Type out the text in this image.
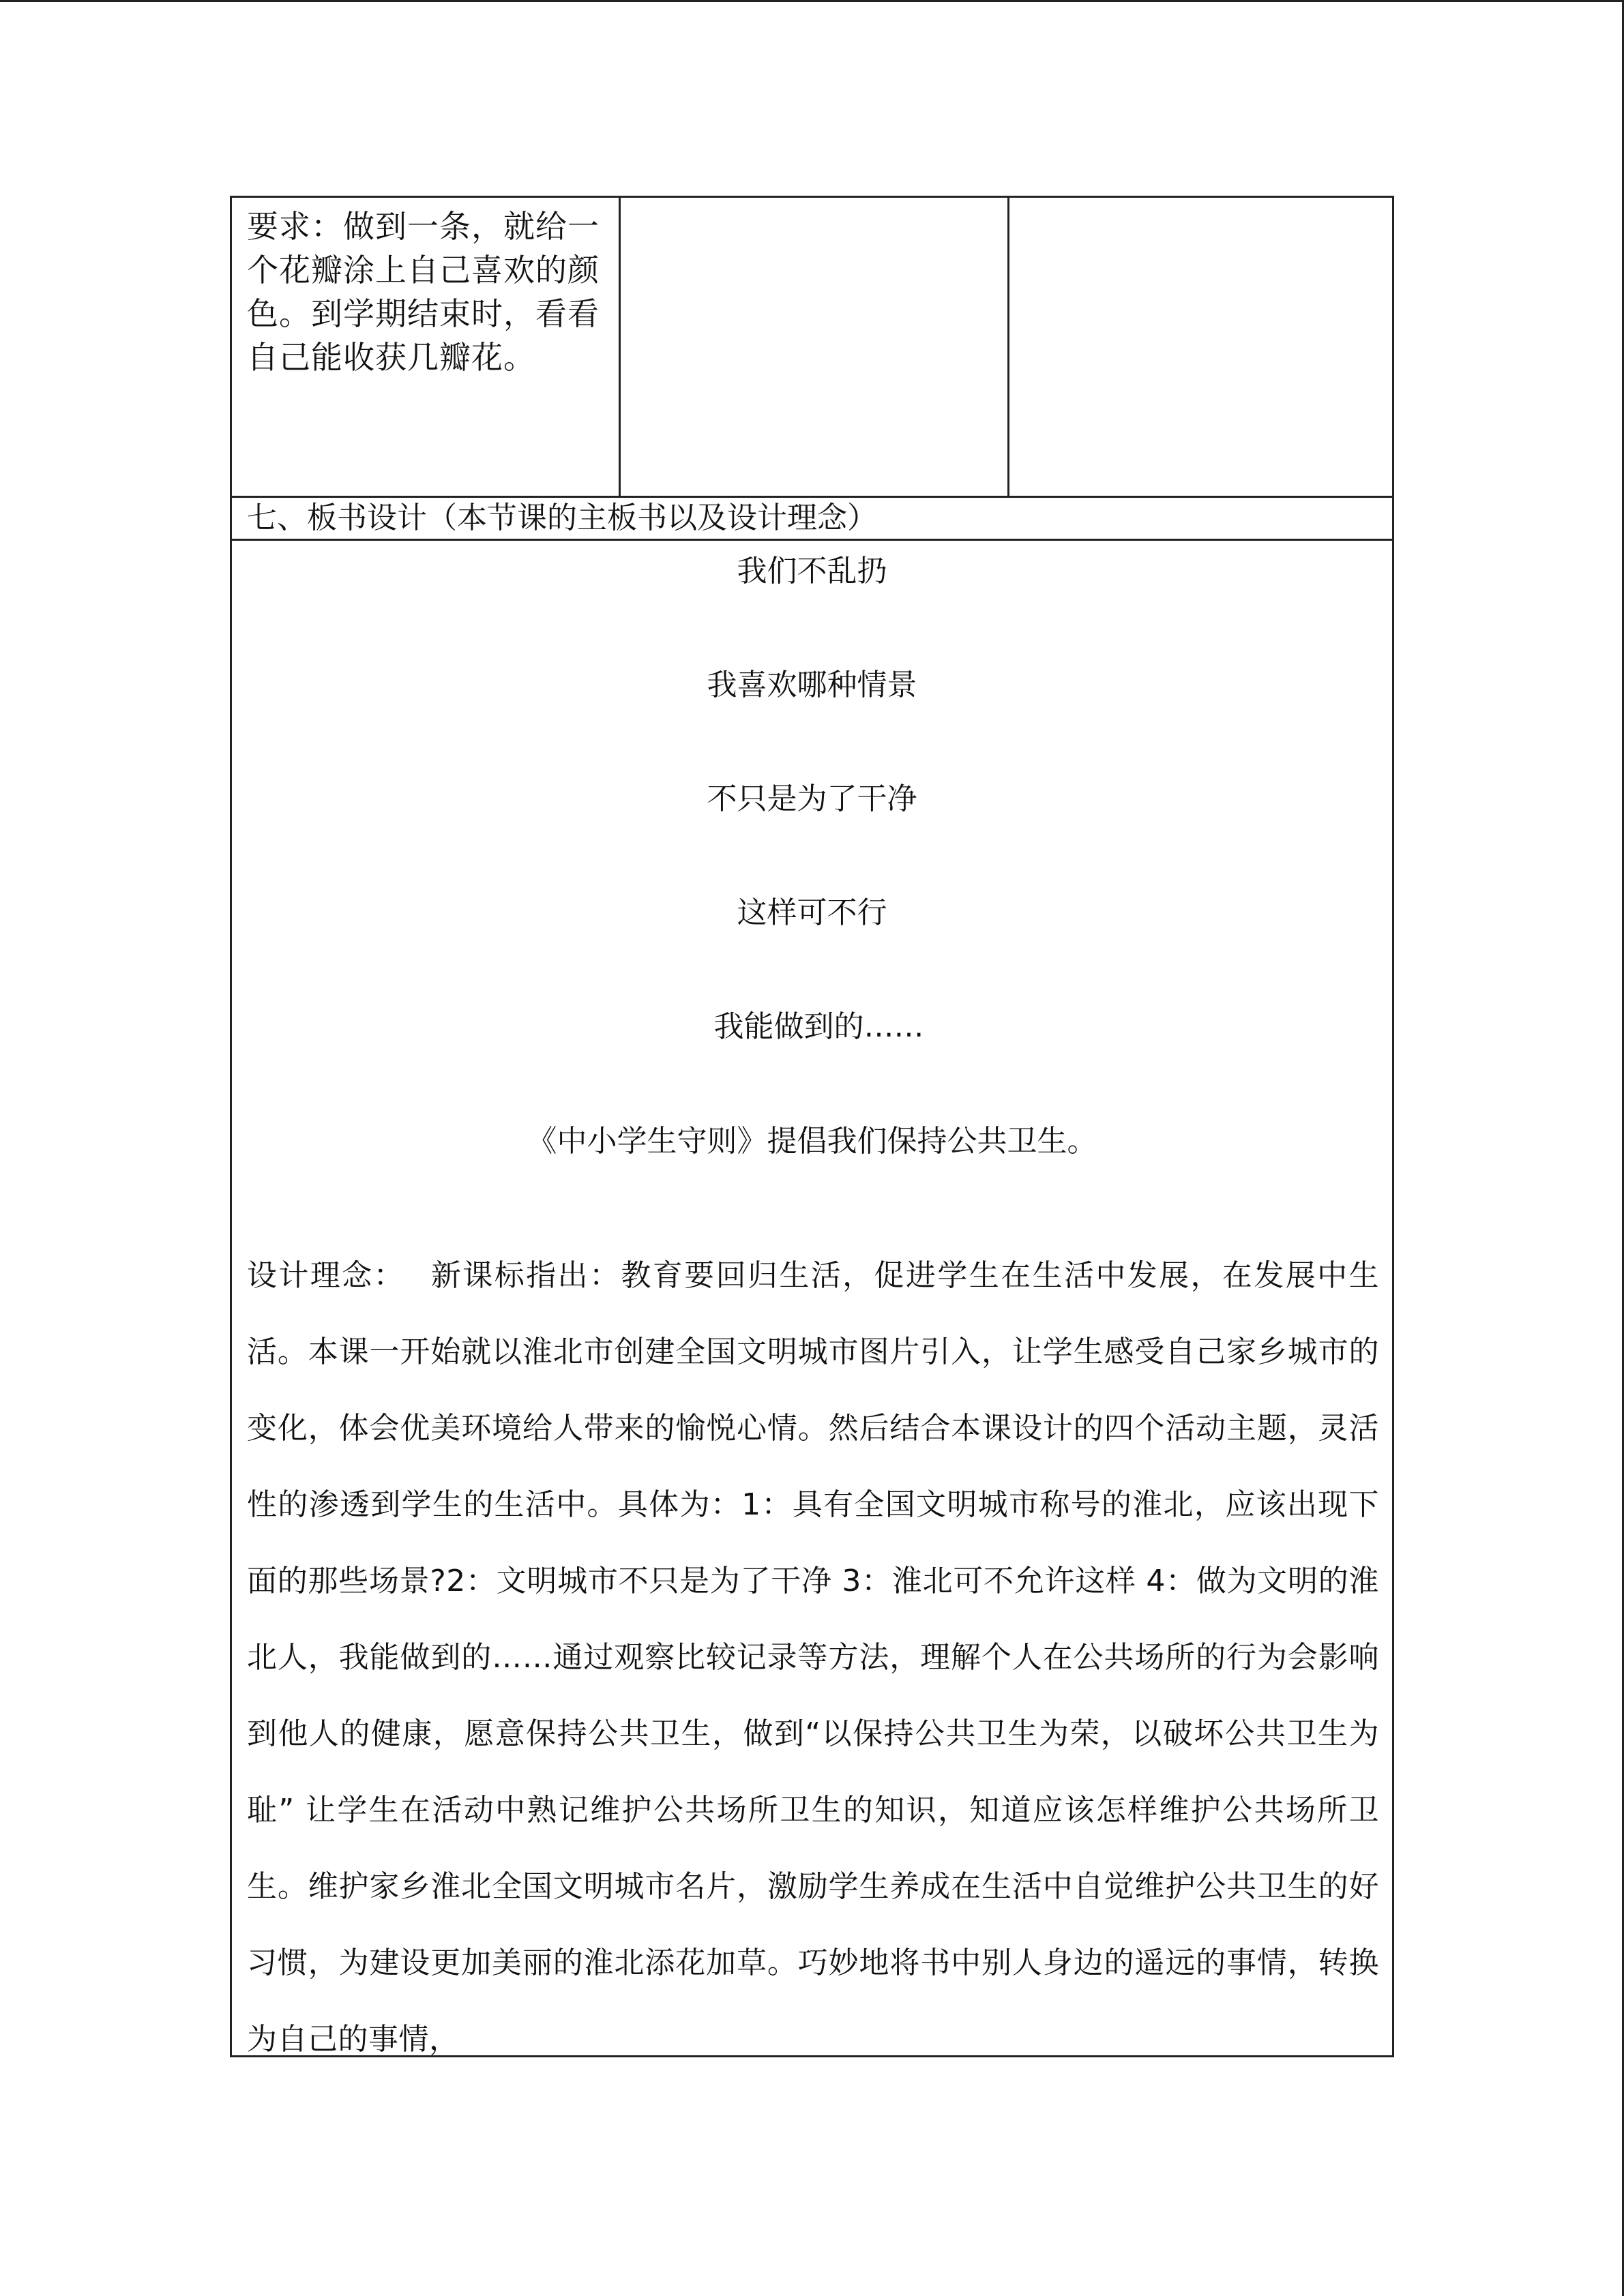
要求：做到一条，就给一个花瓣涂上自己喜欢的颜色。到学期结束时，看看自己能收获几瓣花。
七、板书设计（本节课的主板书以及设计理念）
我们不乱扔
我喜欢哪种情景
不只是为了干净
这样可不行
我能做到的……
《中小学生守则》提倡我们保持公共卫生。
设计理念： 新课标指出：教育要回归生活，促进学生在生活中发展，在发展中生活。本课一开始就以淮北市创建全国文明城市图片引入，让学生感受自己家乡城市的变化，体会优美环境给人带来的愉悦心情。然后结合本课设计的四个活动主题，灵活性的渗透到学生的生活中。具体为：1：具有全国文明城市称号的淮北，应该出现下面的那些场景?2：文明城市不只是为了干净 3：淮北可不允许这样 4：做为文明的淮北人，我能做到的……通过观察比较记录等方法，理解个人在公共场所的行为会影响到他人的健康，愿意保持公共卫生，做到“以保持公共卫生为荣，以破坏公共卫生为耻” 让学生在活动中熟记维护公共场所卫生的知识，知道应该怎样维护公共场所卫生。维护家乡淮北全国文明城市名片，激励学生养成在生活中自觉维护公共卫生的好习惯，为建设更加美丽的淮北添花加草。巧妙地将书中别人身边的遥远的事情，转换为自己的事情，
